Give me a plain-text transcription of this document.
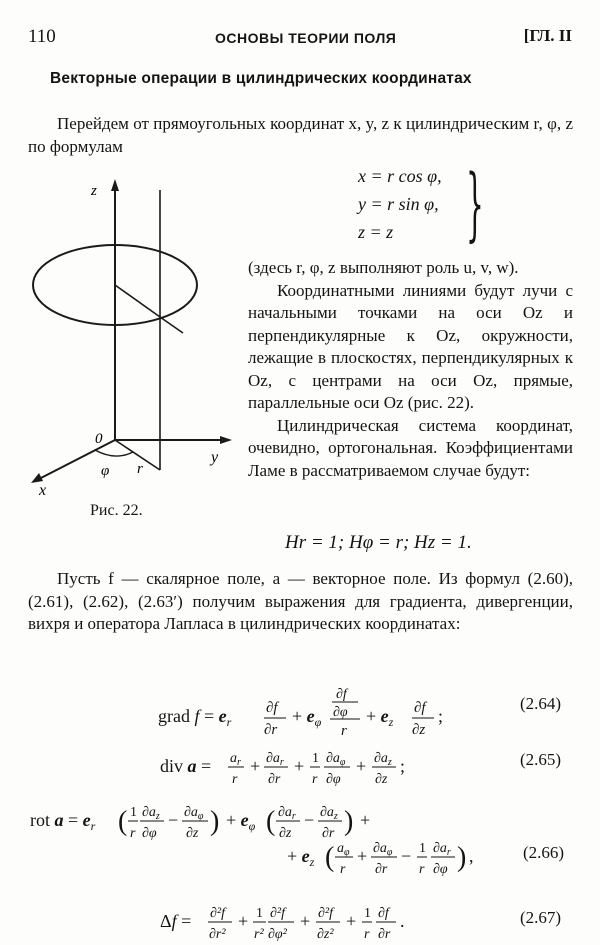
110	ОСНОВЫ ТЕОРИИ ПОЛЯ	[ГЛ. II
Векторные операции в цилиндрических координатах
Перейдем от прямоугольных координат x, y, z к цилиндрическим r, φ, z по формулам
x = r cos φ,
y = r sin φ,
z = z }
z
y
x
0
φ r
Рис. 22.
(здесь r, φ, z выполняют роль u, v, w).
Координатными линиями будут лучи с начальными точками на оси Oz и перпендикулярные к Oz, окружности, лежащие в плоскостях, перпендикулярных к Oz, с центрами на оси Oz, прямые, параллельные оси Oz (рис. 22).
Цилиндрическая система координат, очевидно, ортогональная. Коэффициентами Ламе в рассматриваемом случае будут:
Hr = 1; Hφ = r; Hz = 1.
Пусть f — скалярное поле, a — векторное поле. Из формул (2.60), (2.61), (2.62), (2.63′) получим выражения для градиента, дивергенции, вихря и оператора Лапласа в цилиндрических координатах:
grad $f = e_r$
∂f
∂r
+ $e_\varphi$
∂f
∂φ
r
+ $e_z$
∂f
∂z
;
(2.64)
div $a = a_r$
r
+ $\partial a_r$
∂r
+ 1
r
$\partial a_\varphi$
∂φ
+ $\partial a_z$
∂z
;	(2.65)
rot $a = e_r$ ( 1
r
$\partial a_z$
∂φ
− $\partial a_\varphi$
∂z ) + $e_\varphi$ ( $\partial a_r$
∂z
− $\partial a_z$
∂r ) +
+ $e_z$ ( $a_\varphi$
r
+ $\partial a_\varphi$
∂r
− 1
r
$\partial a_r$
∂φ ) ,	(2.66)
Δf = ∂²f
∂r²
+ 1
r²
∂²f
∂φ²
+ ∂²f
∂z²
+ 1
r
∂f
∂r
.	(2.67)
